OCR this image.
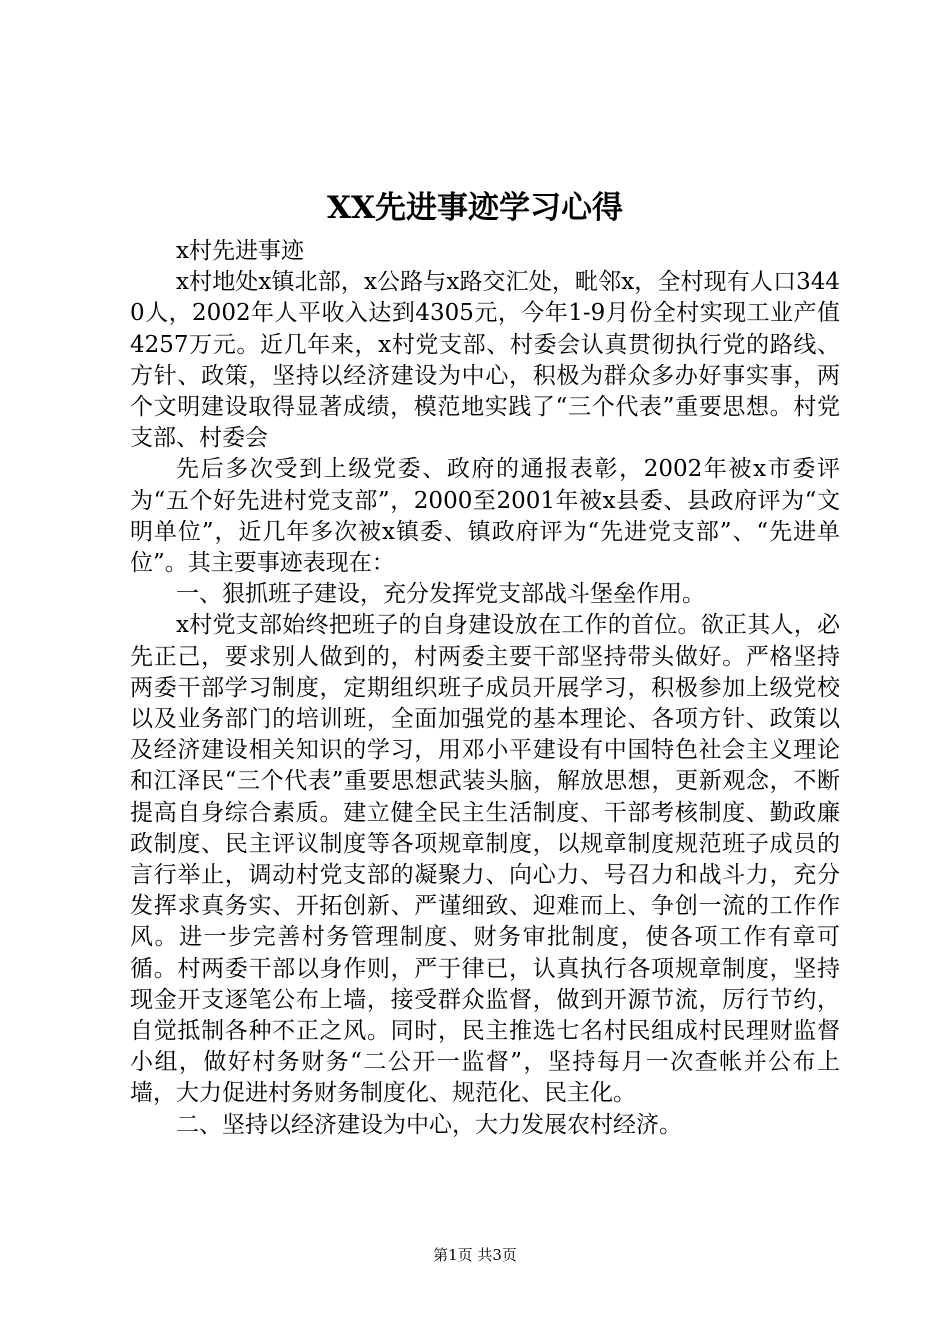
XX先进事迹学习心得

x村先进事迹

x村地处x镇北部，x公路与x路交汇处，毗邻x，全村现有人口3440人，2002年人平收入达到4305元，今年1-9月份全村实现工业产值4257万元。近几年来，x村党支部、村委会认真贯彻执行党的路线、方针、政策，坚持以经济建设为中心，积极为群众多办好事实事，两个文明建设取得显著成绩，模范地实践了“三个代表”重要思想。村党支部、村委会

先后多次受到上级党委、政府的通报表彰，2002年被x市委评为“五个好先进村党支部”，2000至2001年被x县委、县政府评为“文明单位”，近几年多次被x镇委、镇政府评为“先进党支部”、“先进单位”。其主要事迹表现在：

一、狠抓班子建设，充分发挥党支部战斗堡垒作用。

x村党支部始终把班子的自身建设放在工作的首位。欲正其人，必先正己，要求别人做到的，村两委主要干部坚持带头做好。严格坚持两委干部学习制度，定期组织班子成员开展学习，积极参加上级党校以及业务部门的培训班，全面加强党的基本理论、各项方针、政策以及经济建设相关知识的学习，用邓小平建设有中国特色社会主义理论和江泽民“三个代表”重要思想武装头脑，解放思想，更新观念，不断提高自身综合素质。建立健全民主生活制度、干部考核制度、勤政廉政制度、民主评议制度等各项规章制度，以规章制度规范班子成员的言行举止，调动村党支部的凝聚力、向心力、号召力和战斗力，充分发挥求真务实、开拓创新、严谨细致、迎难而上、争创一流的工作作风。进一步完善村务管理制度、财务审批制度，使各项工作有章可循。村两委干部以身作则，严于律已，认真执行各项规章制度，坚持现金开支逐笔公布上墙，接受群众监督，做到开源节流，厉行节约，自觉抵制各种不正之风。同时，民主推选七名村民组成村民理财监督小组，做好村务财务“二公开一监督”，坚持每月一次查帐并公布上墙，大力促进村务财务制度化、规范化、民主化。

二、坚持以经济建设为中心，大力发展农村经济。

第1页 共3页
